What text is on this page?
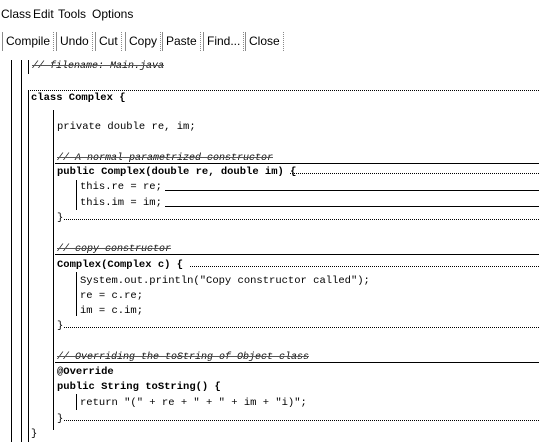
Class Edit Tools Options
Compile Undo Cut Copy Paste Find... Close
// filename: Main.java
class Complex {
private double re, im;
// A normal parametrized constructor
public Complex(double re, double im) {
this.re = re;
this.im = im;
}
// copy constructor
Complex(Complex c) {
System.out.println("Copy constructor called");
re = c.re;
im = c.im;
}
// Overriding the toString of Object class
@Override
public String toString() {
return "(" + re + " + " + im + "i)";
}
}
